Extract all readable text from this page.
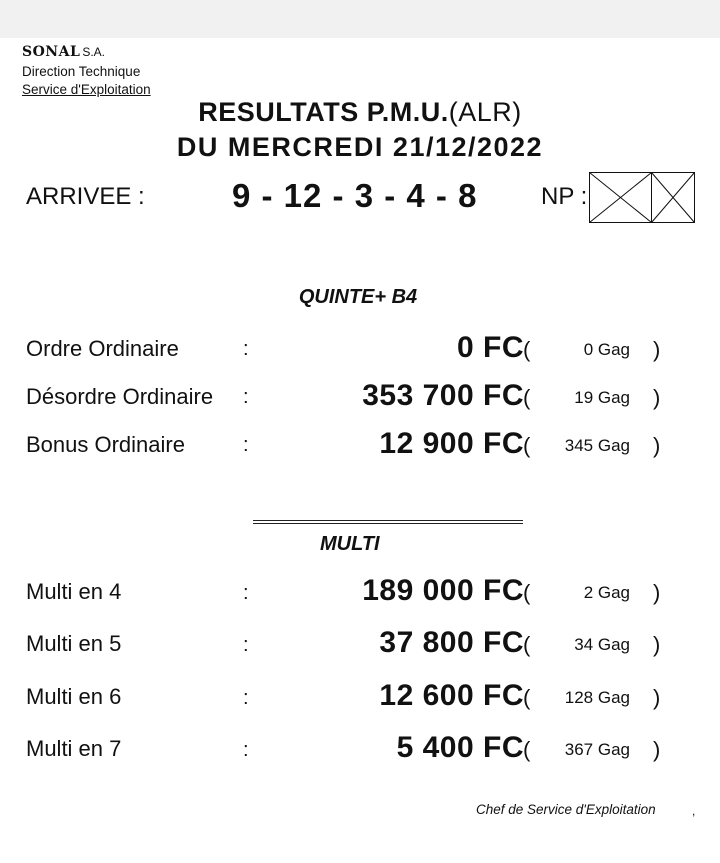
SONAL S.A.
Direction Technique
Service d'Exploitation
RESULTATS P.M.U.(ALR)
DU MERCREDI 21/12/2022
ARRIVEE :	9 - 12 - 3 - 4 - 8	NP :
QUINTE+ B4
Ordre Ordinaire	:	0 FC (	0 Gag )
Désordre Ordinaire :	353 700 FC (	19 Gag )
Bonus Ordinaire	:	12 900 FC ( 345 Gag )
MULTI
Multi en 4	:	189 000 FC (	2 Gag )
Multi en 5	:	37 800 FC (	34 Gag )
Multi en 6	:	12 600 FC ( 128 Gag )
Multi en 7	:	5 400 FC ( 367 Gag )
Chef de Service d'Exploitation	,
